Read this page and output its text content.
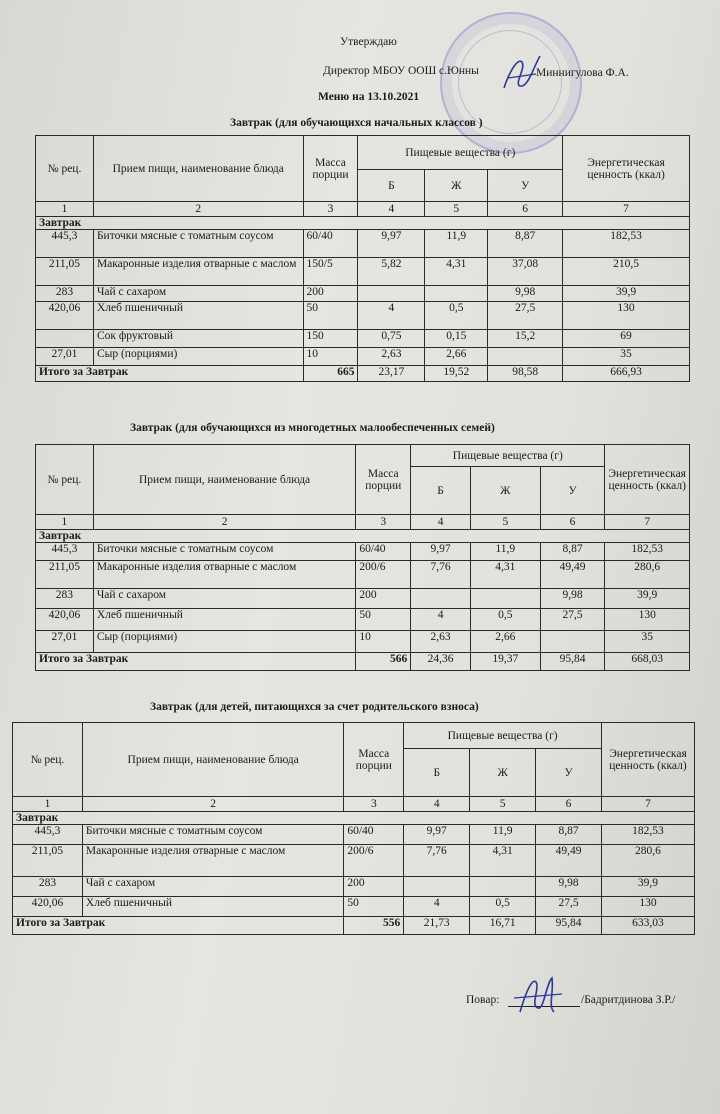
Утверждаю
Директор МБОУ ООШ с.Юнны	Миннигулова Ф.А.
Меню на 13.10.2021
Завтрак (для обучающихся начальных классов )
№ рец.	Прием пищи, наименование блюда	Масса порции	Пищевые вещества (г)			Энергетическая ценность (ккал)
			Б	Ж	У	
1	2	3	4	5	6	7
Завтрак						
445,3	Биточки мясные с томатным соусом	60/40	9,97	11,9	8,87	182,53
211,05	Макаронные изделия отварные с маслом	150/5	5,82	4,31	37,08	210,5
283	Чай с сахаром	200			9,98	39,9
420,06	Хлеб пшеничный	50	4	0,5	27,5	130
	Сок фруктовый	150	0,75	0,15	15,2	69
27,01	Сыр (порциями)	10	2,63	2,66		35
Итого за Завтрак		665	23,17	19,52	98,58	666,93
Завтрак (для обучающихся из многодетных малообеспеченных семей)
№ рец.	Прием пищи, наименование блюда	Масса порции	Пищевые вещества (г)			Энергетическая ценность (ккал)
			Б	Ж	У	
1	2	3	4	5	6	7
Завтрак						
445,3	Биточки мясные с томатным соусом	60/40	9,97	11,9	8,87	182,53
211,05	Макаронные изделия отварные с маслом	200/6	7,76	4,31	49,49	280,6
283	Чай с сахаром	200			9,98	39,9
420,06	Хлеб пшеничный	50	4	0,5	27,5	130
27,01	Сыр (порциями)	10	2,63	2,66		35
Итого за Завтрак		566	24,36	19,37	95,84	668,03
Завтрак (для детей, питающихся за счет родительского взноса)
№ рец.	Прием пищи, наименование блюда	Масса порции	Пищевые вещества (г)			Энергетическая ценность (ккал)
			Б	Ж	У	
1	2	3	4	5	6	7
Завтрак						
445,3	Биточки мясные с томатным соусом	60/40	9,97	11,9	8,87	182,53
211,05	Макаронные изделия отварные с маслом	200/6	7,76	4,31	49,49	280,6
283	Чай с сахаром	200			9,98	39,9
420,06	Хлеб пшеничный	50	4	0,5	27,5	130
Итого за Завтрак		556	21,73	16,71	95,84	633,03
Повар:	/Бадритдинова З.Р./
